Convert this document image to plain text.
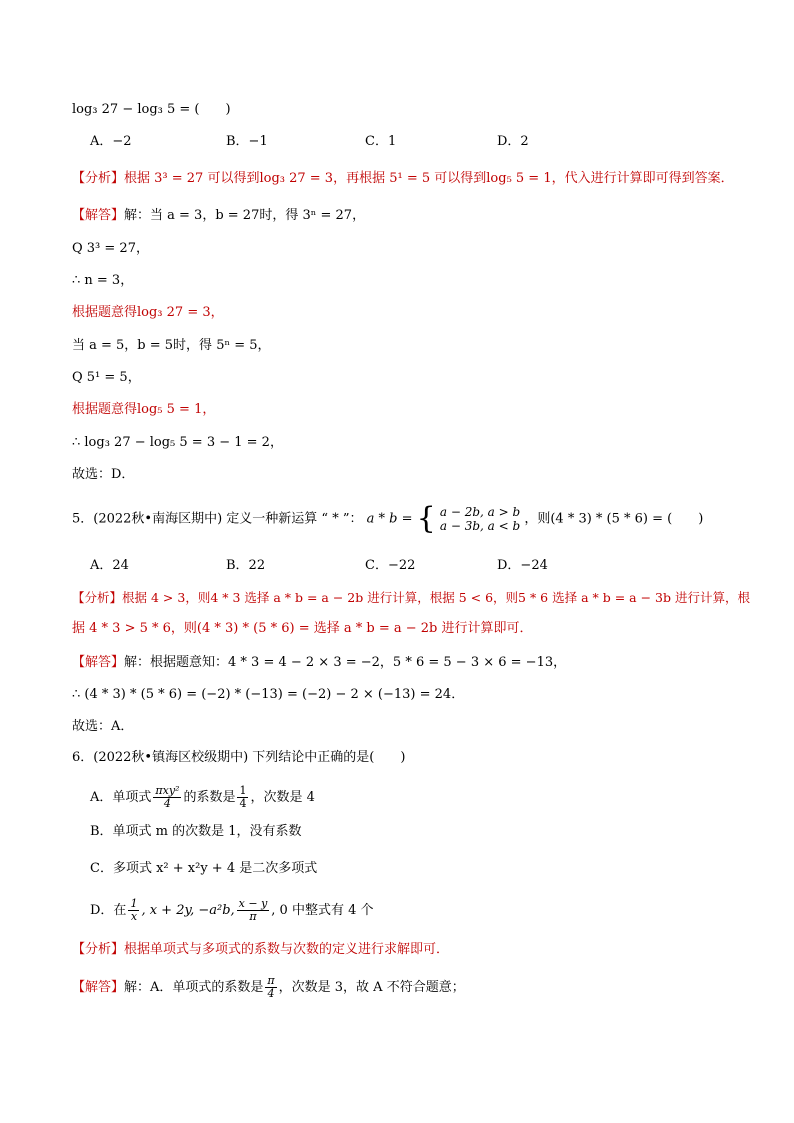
log₃ 27 − log₃ 5 = (　　)
A．−2	B．−1	C．1	D．2
【分析】根据 3³ = 27 可以得到log₃ 27 = 3，再根据 5¹ = 5 可以得到log₅ 5 = 1，代入进行计算即可得到答案．
【解答】解：当 a = 3，b = 27时，得 3ⁿ = 27，
Q 3³ = 27，
∴ n = 3，
根据题意得log₃ 27 = 3，
当 a = 5，b = 5时，得 5ⁿ = 5，
Q 5¹ = 5，
根据题意得log₅ 5 = 1，
∴ log₃ 27 − log₅ 5 = 3 − 1 = 2，
故选：D．
5．(2022秋•南海区期中) 定义一种新运算 “ * ”： a * b = { a − 2b, a > b
a − 3b, a < b ，则(4 * 3) * (5 * 6) = (　　)
A．24	B．22	C．−22	D．−24
【分析】根据 4 > 3，则4 * 3 选择 a * b = a − 2b 进行计算，根据 5 < 6，则5 * 6 选择 a * b = a − 3b 进行计算，根
据 4 * 3 > 5 * 6，则(4 * 3) * (5 * 6) = 选择 a * b = a − 2b 进行计算即可．
【解答】解：根据题意知：4 * 3 = 4 − 2 × 3 = −2，5 * 6 = 5 − 3 × 6 = −13，
∴ (4 * 3) * (5 * 6) = (−2) * (−13) = (−2) − 2 × (−13) = 24．
故选：A．
6．(2022秋•镇海区校级期中) 下列结论中正确的是(　　)
A．单项式 $\frac{\text{πxy²}}{4}$ 的系数是 $\frac{1}{4}$ ，次数是 4
B．单项式 m 的次数是 1，没有系数
C．多项式 x² + x²y + 4 是二次多项式
D．在 $\frac{1}{x}$ , x + 2y, −a²b, $\frac{x - y}{\pi}$ , 0 中整式有 4 个
【分析】根据单项式与多项式的系数与次数的定义进行求解即可．
【解答】解：A．单项式的系数是 $\frac{\pi}{4}$ ，次数是 3，故 A 不符合题意；
